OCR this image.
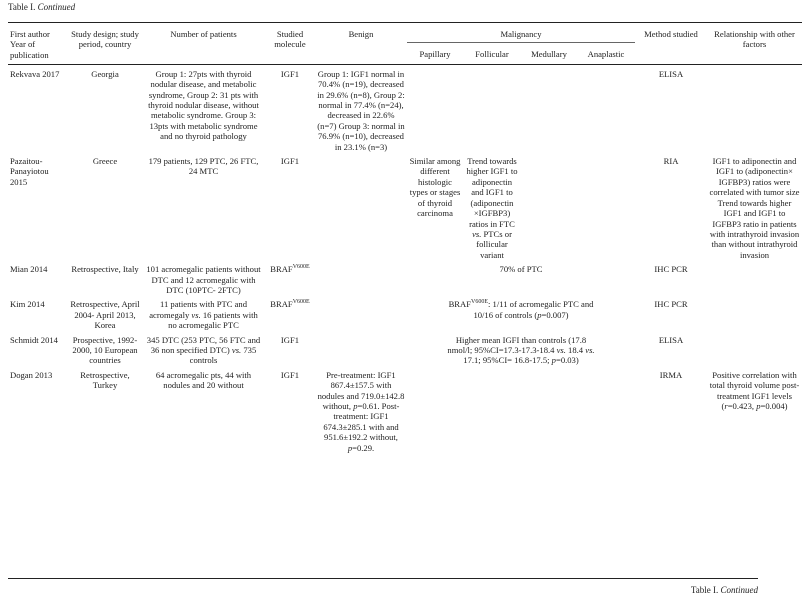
Table I. Continued
First author Year of publication	Study design; study period, country	Number of patients	Studied molecule	Benign	Malignancy				Method studied	Relationship with other factors
					Papillary	Follicular	Medullary	Anaplastic		
Rekvava 2017	Georgia	Group 1: 27pts with thyroid nodular disease, and metabolic syndrome, Group 2: 31 pts with thyroid nodular disease, without metabolic syndrome. Group 3: 13pts with metabolic syndrome and no thyroid pathology	IGF1	Group 1: IGF1 normal in 70.4% (n=19), decreased in 29.6% (n=8), Group 2: normal in 77.4% (n=24), decreased in 22.6% (n=7) Group 3: normal in 76.9% (n=10), decreased in 23.1% (n=3)					ELISA	
Pazaitou-Panayiotou 2015	Greece	179 patients, 129 PTC, 26 FTC, 24 MTC	IGF1		Similar among different histologic types or stages of thyroid carcinoma	Trend towards higher IGF1 to adiponectin and IGF1 to (adiponectin ×IGFBP3) ratios in FTC vs. PTCs or follicular variant			RIA	IGF1 to adiponectin and IGF1 to (adiponectin× IGFBP3) ratios were correlated with tumor size Trend towards higher IGF1 and IGF1 to IGFBP3 ratio in patients with intrathyroid invasion than without intrathyroid invasion
Mian 2014	Retrospective, Italy	101 acromegalic patients without DTC and 12 acromegalic with DTC (10PTC- 2FTC)	$BRAF^{V600E}$		70% of PTC				IHC PCR	
Kim 2014	Retrospective, April 2004- April 2013, Korea	11 patients with PTC and acromegaly vs. 16 patients with no acromegalic PTC	$BRAF^{V600E}$		$BRAF^{V600E}$: 1/11 of acromegalic PTC and 10/16 of controls (p=0.007)				IHC PCR	
Schmidt 2014	Prospective, 1992-2000, 10 European countries	345 DTC (253 PTC, 56 FTC and 36 non specified DTC) vs. 735 controls	IGF1		Higher mean IGFI than controls (17.8 nmol/l; 95%CI=17.3-17.3-18.4 vs. 18.4 vs. 17.1; 95%CI= 16.8-17.5; p=0.03)				ELISA	
Dogan 2013	Retrospective, Turkey	64 acromegalic pts, 44 with nodules and 20 without	IGF1	Pre-treatment: IGF1 867.4±157.5 with nodules and 719.0±142.8 without, p=0.61. Post-treatment: IGF1 674.3±285.1 with and 951.6±192.2 without, p=0.29.					IRMA	Positive correlation with total thyroid volume post-treatment IGF1 levels (r=0.423, p=0.004)
Table I. Continued
